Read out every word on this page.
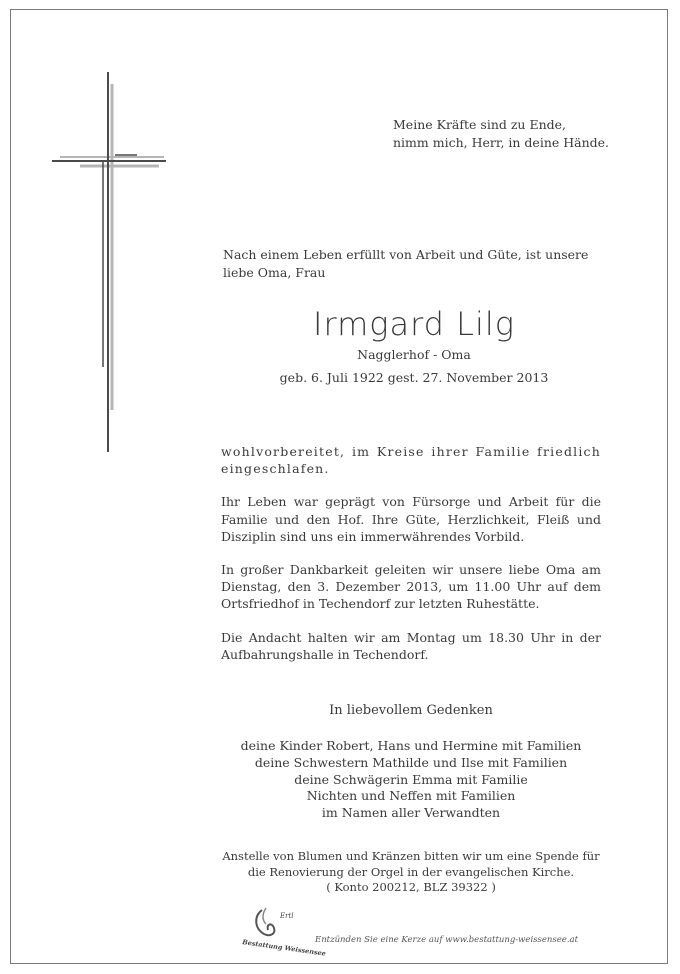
Meine Kräfte sind zu Ende,
nimm mich, Herr, in deine Hände.
Nach einem Leben erfüllt von Arbeit und Güte, ist unsere liebe Oma, Frau
Irmgard Lilg
Nagglerhof - Oma
geb. 6. Juli 1922 gest. 27. November 2013

wohlvorbereitet, im Kreise ihrer Familie friedlich eingeschlafen.

Ihr Leben war geprägt von Fürsorge und Arbeit für die Familie und den Hof. Ihre Güte, Herzlichkeit, Fleiß und Disziplin sind uns ein immerwährendes Vorbild.

In großer Dankbarkeit geleiten wir unsere liebe Oma am Dienstag, den 3. Dezember 2013, um 11.00 Uhr auf dem Ortsfriedhof in Techendorf zur letzten Ruhestätte.

Die Andacht halten wir am Montag um 18.30 Uhr in der Aufbahrungshalle in Techendorf.

In liebevollem Gedenken
deine Kinder Robert, Hans und Hermine mit Familien
deine Schwestern Mathilde und Ilse mit Familien
deine Schwägerin Emma mit Familie
Nichten und Neffen mit Familien
im Namen aller Verwandten
Anstelle von Blumen und Kränzen bitten wir um eine Spende für
die Renovierung der Orgel in der evangelischen Kirche.
( Konto 200212, BLZ 39322 )
Ertl
Bestattung Weissensee
Entzünden Sie eine Kerze auf www.bestattung-weissensee.at
